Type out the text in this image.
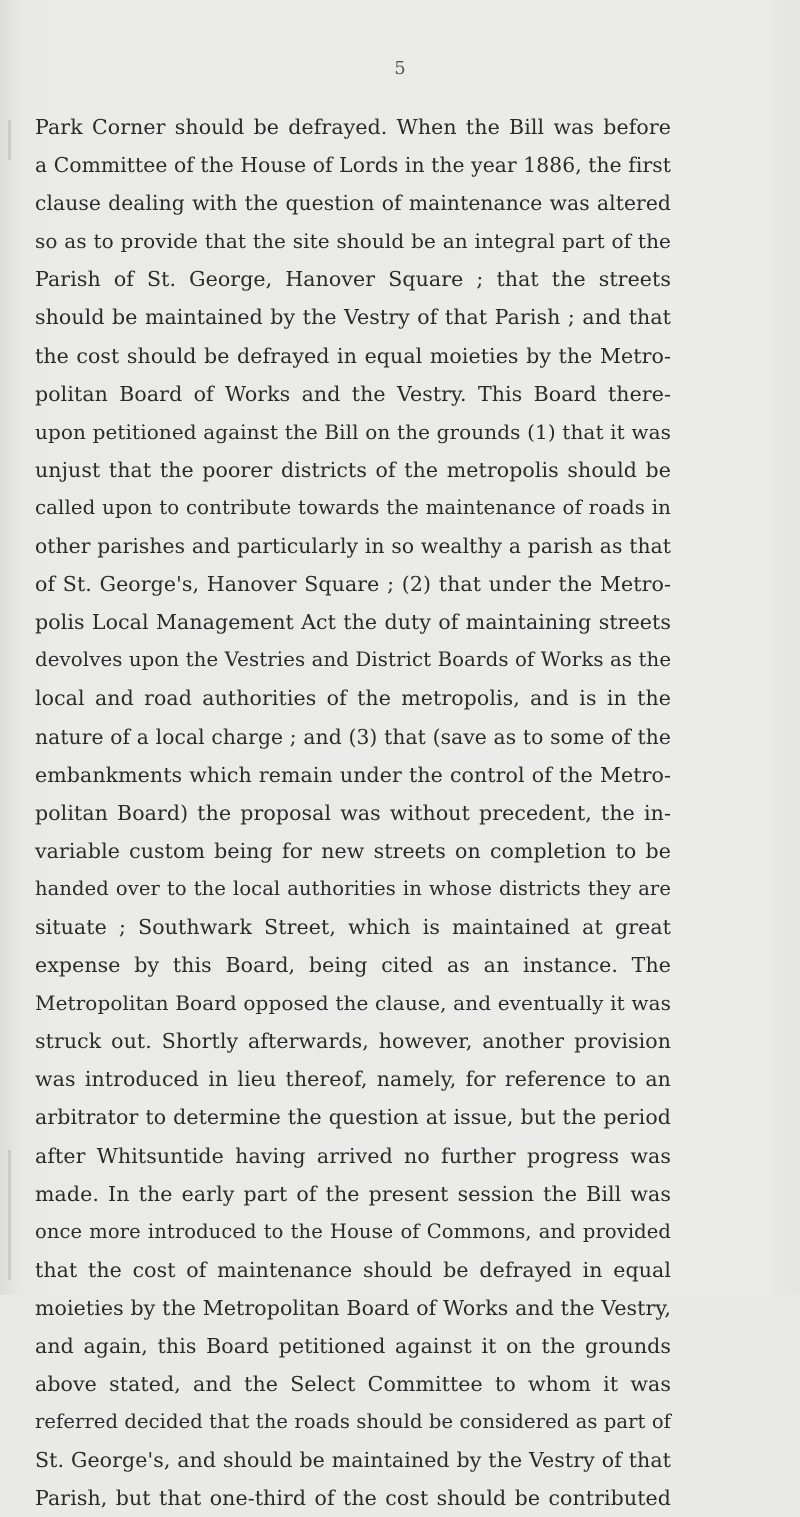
5
Park Corner should be defrayed. When the Bill was before
a Committee of the House of Lords in the year 1886, the first
clause dealing with the question of maintenance was altered
so as to provide that the site should be an integral part of the
Parish of St. George, Hanover Square ; that the streets
should be maintained by the Vestry of that Parish ; and that
the cost should be defrayed in equal moieties by the Metro-
politan Board of Works and the Vestry. This Board there-
upon petitioned against the Bill on the grounds (1) that it was
unjust that the poorer districts of the metropolis should be
called upon to contribute towards the maintenance of roads in
other parishes and particularly in so wealthy a parish as that
of St. George's, Hanover Square ; (2) that under the Metro-
polis Local Management Act the duty of maintaining streets
devolves upon the Vestries and District Boards of Works as the
local and road authorities of the metropolis, and is in the
nature of a local charge ; and (3) that (save as to some of the
embankments which remain under the control of the Metro-
politan Board) the proposal was without precedent, the in-
variable custom being for new streets on completion to be
handed over to the local authorities in whose districts they are
situate ; Southwark Street, which is maintained at great
expense by this Board, being cited as an instance. The
Metropolitan Board opposed the clause, and eventually it was
struck out. Shortly afterwards, however, another provision
was introduced in lieu thereof, namely, for reference to an
arbitrator to determine the question at issue, but the period
after Whitsuntide having arrived no further progress was
made. In the early part of the present session the Bill was
once more introduced to the House of Commons, and provided
that the cost of maintenance should be defrayed in equal
moieties by the Metropolitan Board of Works and the Vestry,
and again, this Board petitioned against it on the grounds
above stated, and the Select Committee to whom it was
referred decided that the roads should be considered as part of
St. George's, and should be maintained by the Vestry of that
Parish, but that one-third of the cost should be contributed
